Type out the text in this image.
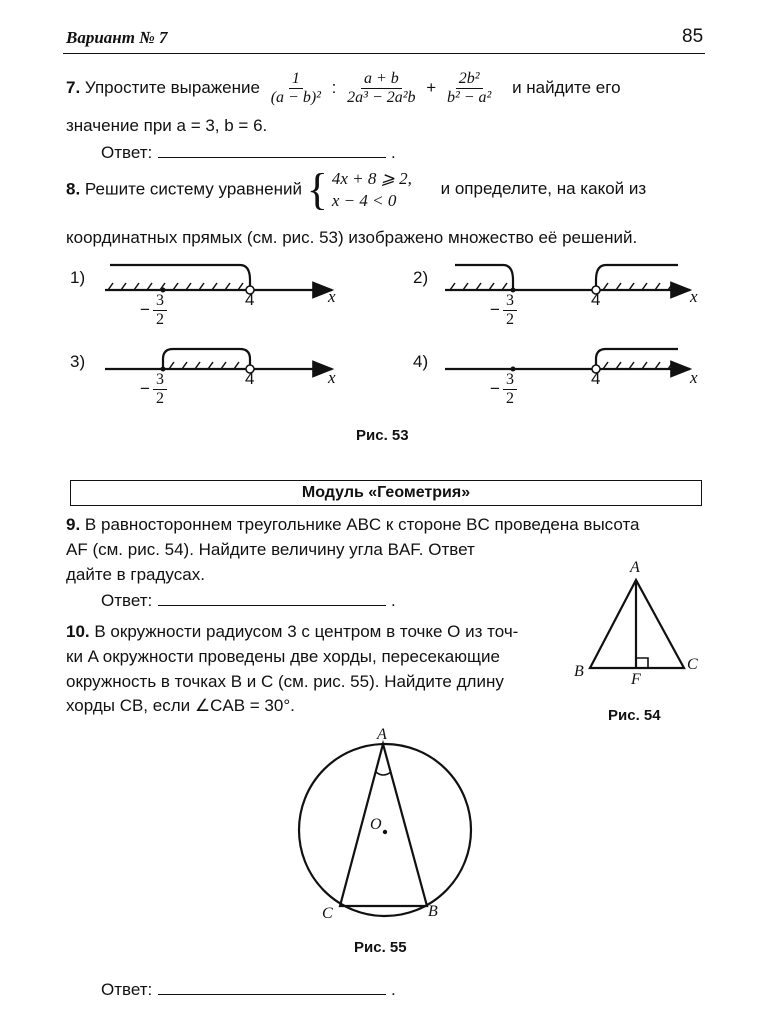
Вариант № 7	85
7. Упростите выражение $\frac{1}{\text{(a − b)²}}$ : $\frac{a + b}{\text{2a³ − 2a²b}} + \frac{\text{2b²}}{\text{b² − a²}}$ и найдите его
значение при a = 3, b = 6.
Ответ:	.
8. Решите систему уравнений { 4x + 8 ⩾ 2,
x − 4 < 0
и определите, на какой из
координатных прямых (см. рис. 53) изображено множество её решений.
1)	2)
3)	4)
− $\frac{3}{2}$	4	x
− $\frac{3}{2}$	4	x
− $\frac{3}{2}$	4	x
− $\frac{3}{2}$	4	x
Рис. 53
Модуль «Геометрия»
9. В равностороннем треугольнике ABC к стороне BC проведена высота
AF (см. рис. 54). Найдите величину угла BAF. Ответ
дайте в градусах.
Ответ:	.
A
B	C
F
Рис. 54
10. В окружности радиусом 3 с центром в точке O из точ-
ки A окружности проведены две хорды, пересекающие
окружность в точках B и C (см. рис. 55). Найдите длину
хорды CB, если ∠CAB = 30°.
A
B
C
O
Рис. 55
Ответ:	.
